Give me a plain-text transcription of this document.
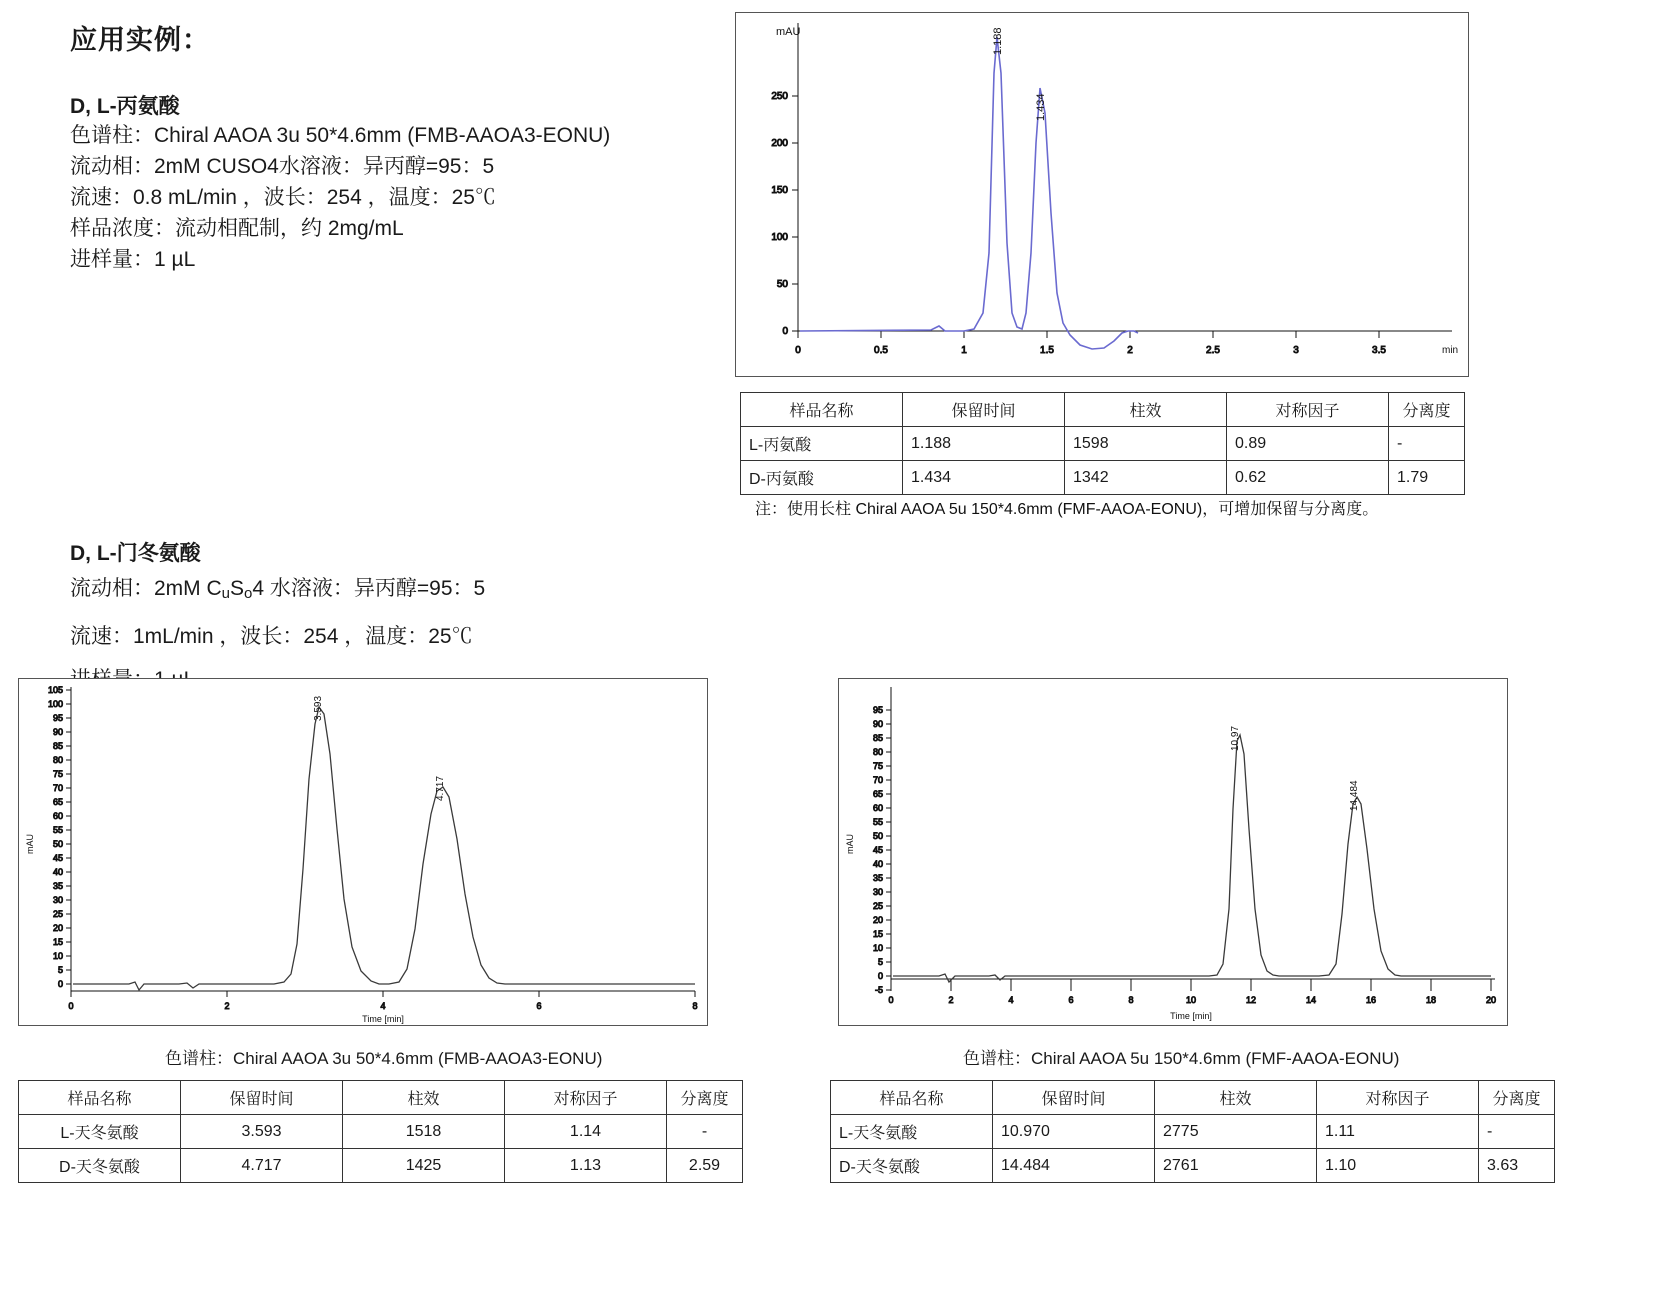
应用实例：
D, L-丙氨酸
色谱柱：Chiral AAOA 3u 50*4.6mm (FMB-AAOA3-EONU)
流动相：2mM CUSO4水溶液：异丙醇=95：5
流速：0.8 mL/min ，波长：254 ，温度：25℃
样品浓度：流动相配制，约 2mg/mL
进样量：1 µL
D, L-门冬氨酸
流动相：2mM $C_uS_o4$ 水溶液：异丙醇=95：5
流速：1mL/min ，波长：254 ，温度：25℃
0
50
100
150
200
250
mAU
0	0.5	1	1.5	2	2.5	3	3.5	min
1.188
1.434
样品名称	保留时间	柱效	对称因子	分离度
L-丙氨酸	1.188	1598	0.89	-
D-丙氨酸	1.434	1342	0.62	1.79
注：使用长柱 Chiral AAOA 5u 150*4.6mm (FMF-AAOA-EONU)，可增加保留与分离度。
0
5
10
15
20
25
30
35
40
45
50
55
60
65
70
75
80
85
90
95
100
105
mAU
0	2	4	6	8
Time [min]
3.593
4.717
色谱柱：Chiral AAOA 3u 50*4.6mm (FMB-AAOA3-EONU)
样品名称	保留时间	柱效	对称因子	分离度
L-天冬氨酸	3.593	1518	1.14	-
D-天冬氨酸	4.717	1425	1.13	2.59
-5
0
5
10
15
20
25
30
35
40
45
50
55
60
65
70
75
80
85
90
95
mAU
0	2	4	6	8	10	12	14	16	18	20
Time [min]
10.97
14.484
色谱柱：Chiral AAOA 5u 150*4.6mm (FMF-AAOA-EONU)
样品名称	保留时间	柱效	对称因子	分离度
L-天冬氨酸	10.970	2775	1.11	-
D-天冬氨酸	14.484	2761	1.10	3.63
